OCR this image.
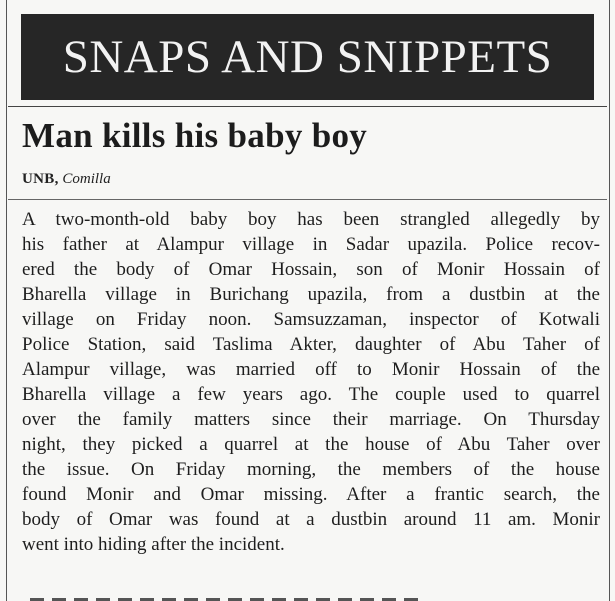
SNAPS AND SNIPPETS
Man kills his baby boy
UNB, Comilla
A two-month-old baby boy has been strangled allegedly by
his father at Alampur village in Sadar upazila. Police recov-
ered the body of Omar Hossain, son of Monir Hossain of
Bharella village in Burichang upazila, from a dustbin at the
village on Friday noon. Samsuzzaman, inspector of Kotwali
Police Station, said Taslima Akter, daughter of Abu Taher of
Alampur village, was married off to Monir Hossain of the
Bharella village a few years ago. The couple used to quarrel
over the family matters since their marriage. On Thursday
night, they picked a quarrel at the house of Abu Taher over
the issue. On Friday morning, the members of the house
found Monir and Omar missing. After a frantic search, the
body of Omar was found at a dustbin around 11 am. Monir
went into hiding after the incident.
